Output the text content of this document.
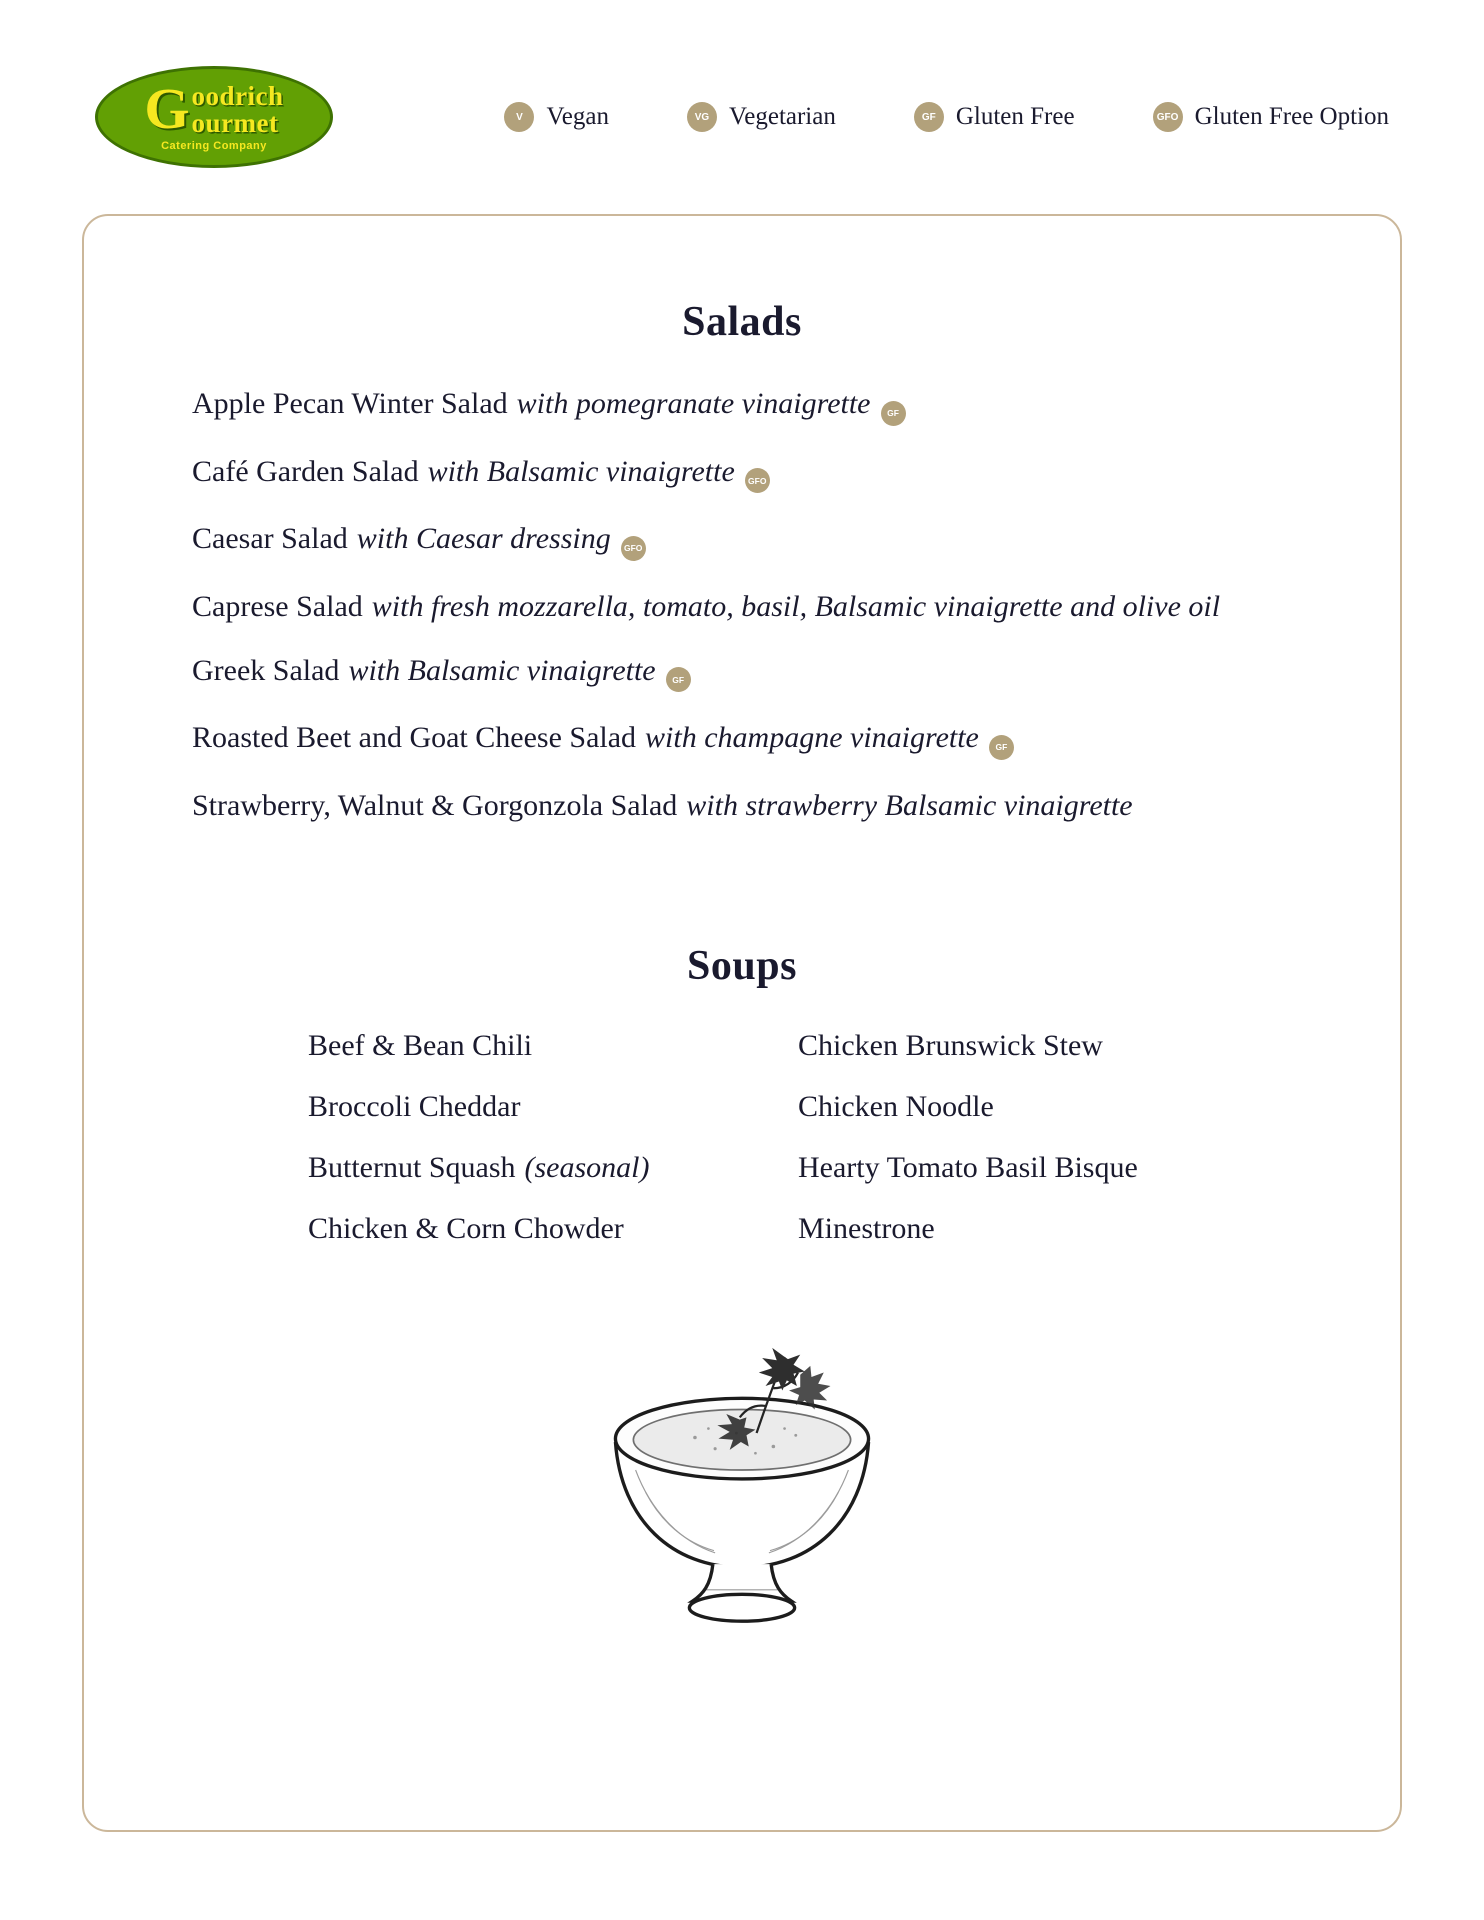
G oodrich
ourmet
Catering Company
V Vegan	VG Vegetarian	GF Gluten Free	GFO Gluten Free Option
Salads
Apple Pecan Winter Salad with pomegranate vinaigrette GF
Café Garden Salad with Balsamic vinaigrette GFO
Caesar Salad with Caesar dressing GFO
Caprese Salad with fresh mozzarella, tomato, basil, Balsamic vinaigrette and olive oil
Greek Salad with Balsamic vinaigrette GF
Roasted Beet and Goat Cheese Salad with champagne vinaigrette GF
Strawberry, Walnut & Gorgonzola Salad with strawberry Balsamic vinaigrette
Soups
Beef & Bean Chili
Broccoli Cheddar
Butternut Squash (seasonal)
Chicken & Corn Chowder
Chicken Brunswick Stew
Chicken Noodle
Hearty Tomato Basil Bisque
Minestrone
